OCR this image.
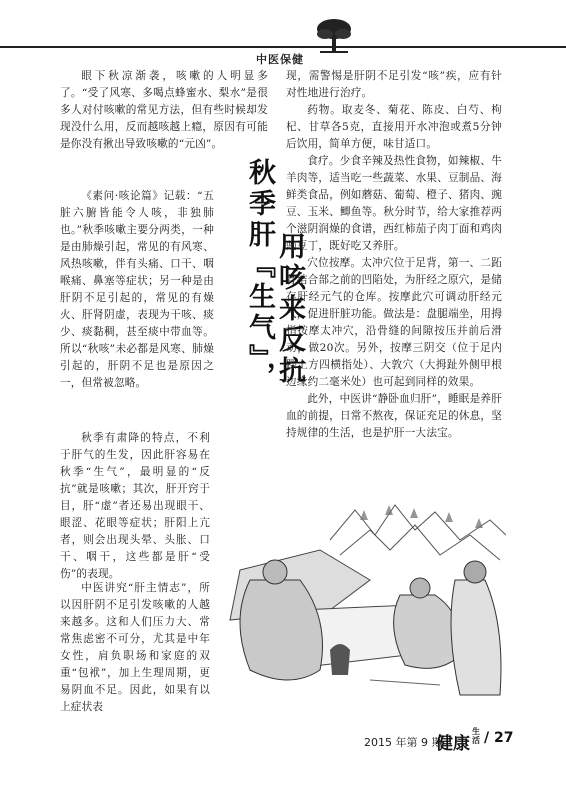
中医保健

眼下秋凉渐袭，咳嗽的人明显多了。“受了风寒、多喝点蜂蜜水、梨水”是很多人对付咳嗽的常见方法，但有些时候却发现没什么用，反而越咳越上瘾，原因有可能是你没有揪出导致咳嗽的“元凶”。

《素问·咳论篇》记载：“五脏六腑皆能令人咳，非独肺也。”秋季咳嗽主要分两类，一种是由肺燥引起，常见的有风寒、风热咳嗽，伴有头痛、口干、咽喉痛、鼻塞等症状；另一种是由肝阴不足引起的，常见的有燥火、肝肾阴虚，表现为干咳、痰少、痰黏稠，甚至痰中带血等。所以“秋咳”未必都是风寒、肺燥引起的，肝阴不足也是原因之一，但常被忽略。

秋季有肃降的特点，不利于肝气的生发，因此肝容易在秋季“生气”，最明显的“反抗”就是咳嗽；其次，肝开窍于目，肝“虚”者还易出现眼干、眼涩、花眼等症状；肝阳上亢者，则会出现头晕、头胀、口干、咽干，这些都是肝“受伤”的表现。

中医讲究“肝主情志”，所以因肝阴不足引发咳嗽的人越来越多。这和人们压力大、常常焦虑密不可分，尤其是中年女性，肩负职场和家庭的双重“包袱”，加上生理周期，更易阴血不足。因此，如果有以上症状表

秋季肝『生气』， 用咳来反抗

现，需警惕是肝阴不足引发“咳”疾，应有针对性地进行治疗。

药物。取麦冬、菊花、陈皮、白芍、枸杞、甘草各5克，直接用开水冲泡或煮5分钟后饮用，简单方便，味甘适口。

食疗。少食辛辣及热性食物，如辣椒、牛羊肉等，适当吃一些蔬菜、水果、豆制品、海鲜类食品，例如蘑菇、葡萄、橙子、猪肉、豌豆、玉米、鲫鱼等。秋分时节，给大家推荐两个滋阴润燥的食谱，西红柿茄子肉丁面和鸡肉豌豆丁，既好吃又养肝。

穴位按摩。太冲穴位于足背，第一、二跖骨结合部之前的凹陷处，为肝经之原穴，是储存肝经元气的仓库。按摩此穴可调动肝经元气，促进肝脏功能。做法是：盘腿端坐，用拇指按摩太冲穴，沿骨缝的间隙按压并前后滑动，做20次。另外，按摩三阴交（位于足内踝上方四横指处）、大敦穴（大拇趾外侧甲根边缘约二毫米处）也可起到同样的效果。

此外，中医讲“静卧血归肝”，睡眠是养肝血的前提，日常不熬夜，保证充足的休息，坚持规律的生活，也是护肝一大法宝。

2015 年第 9 期
健康
生活 / 27
